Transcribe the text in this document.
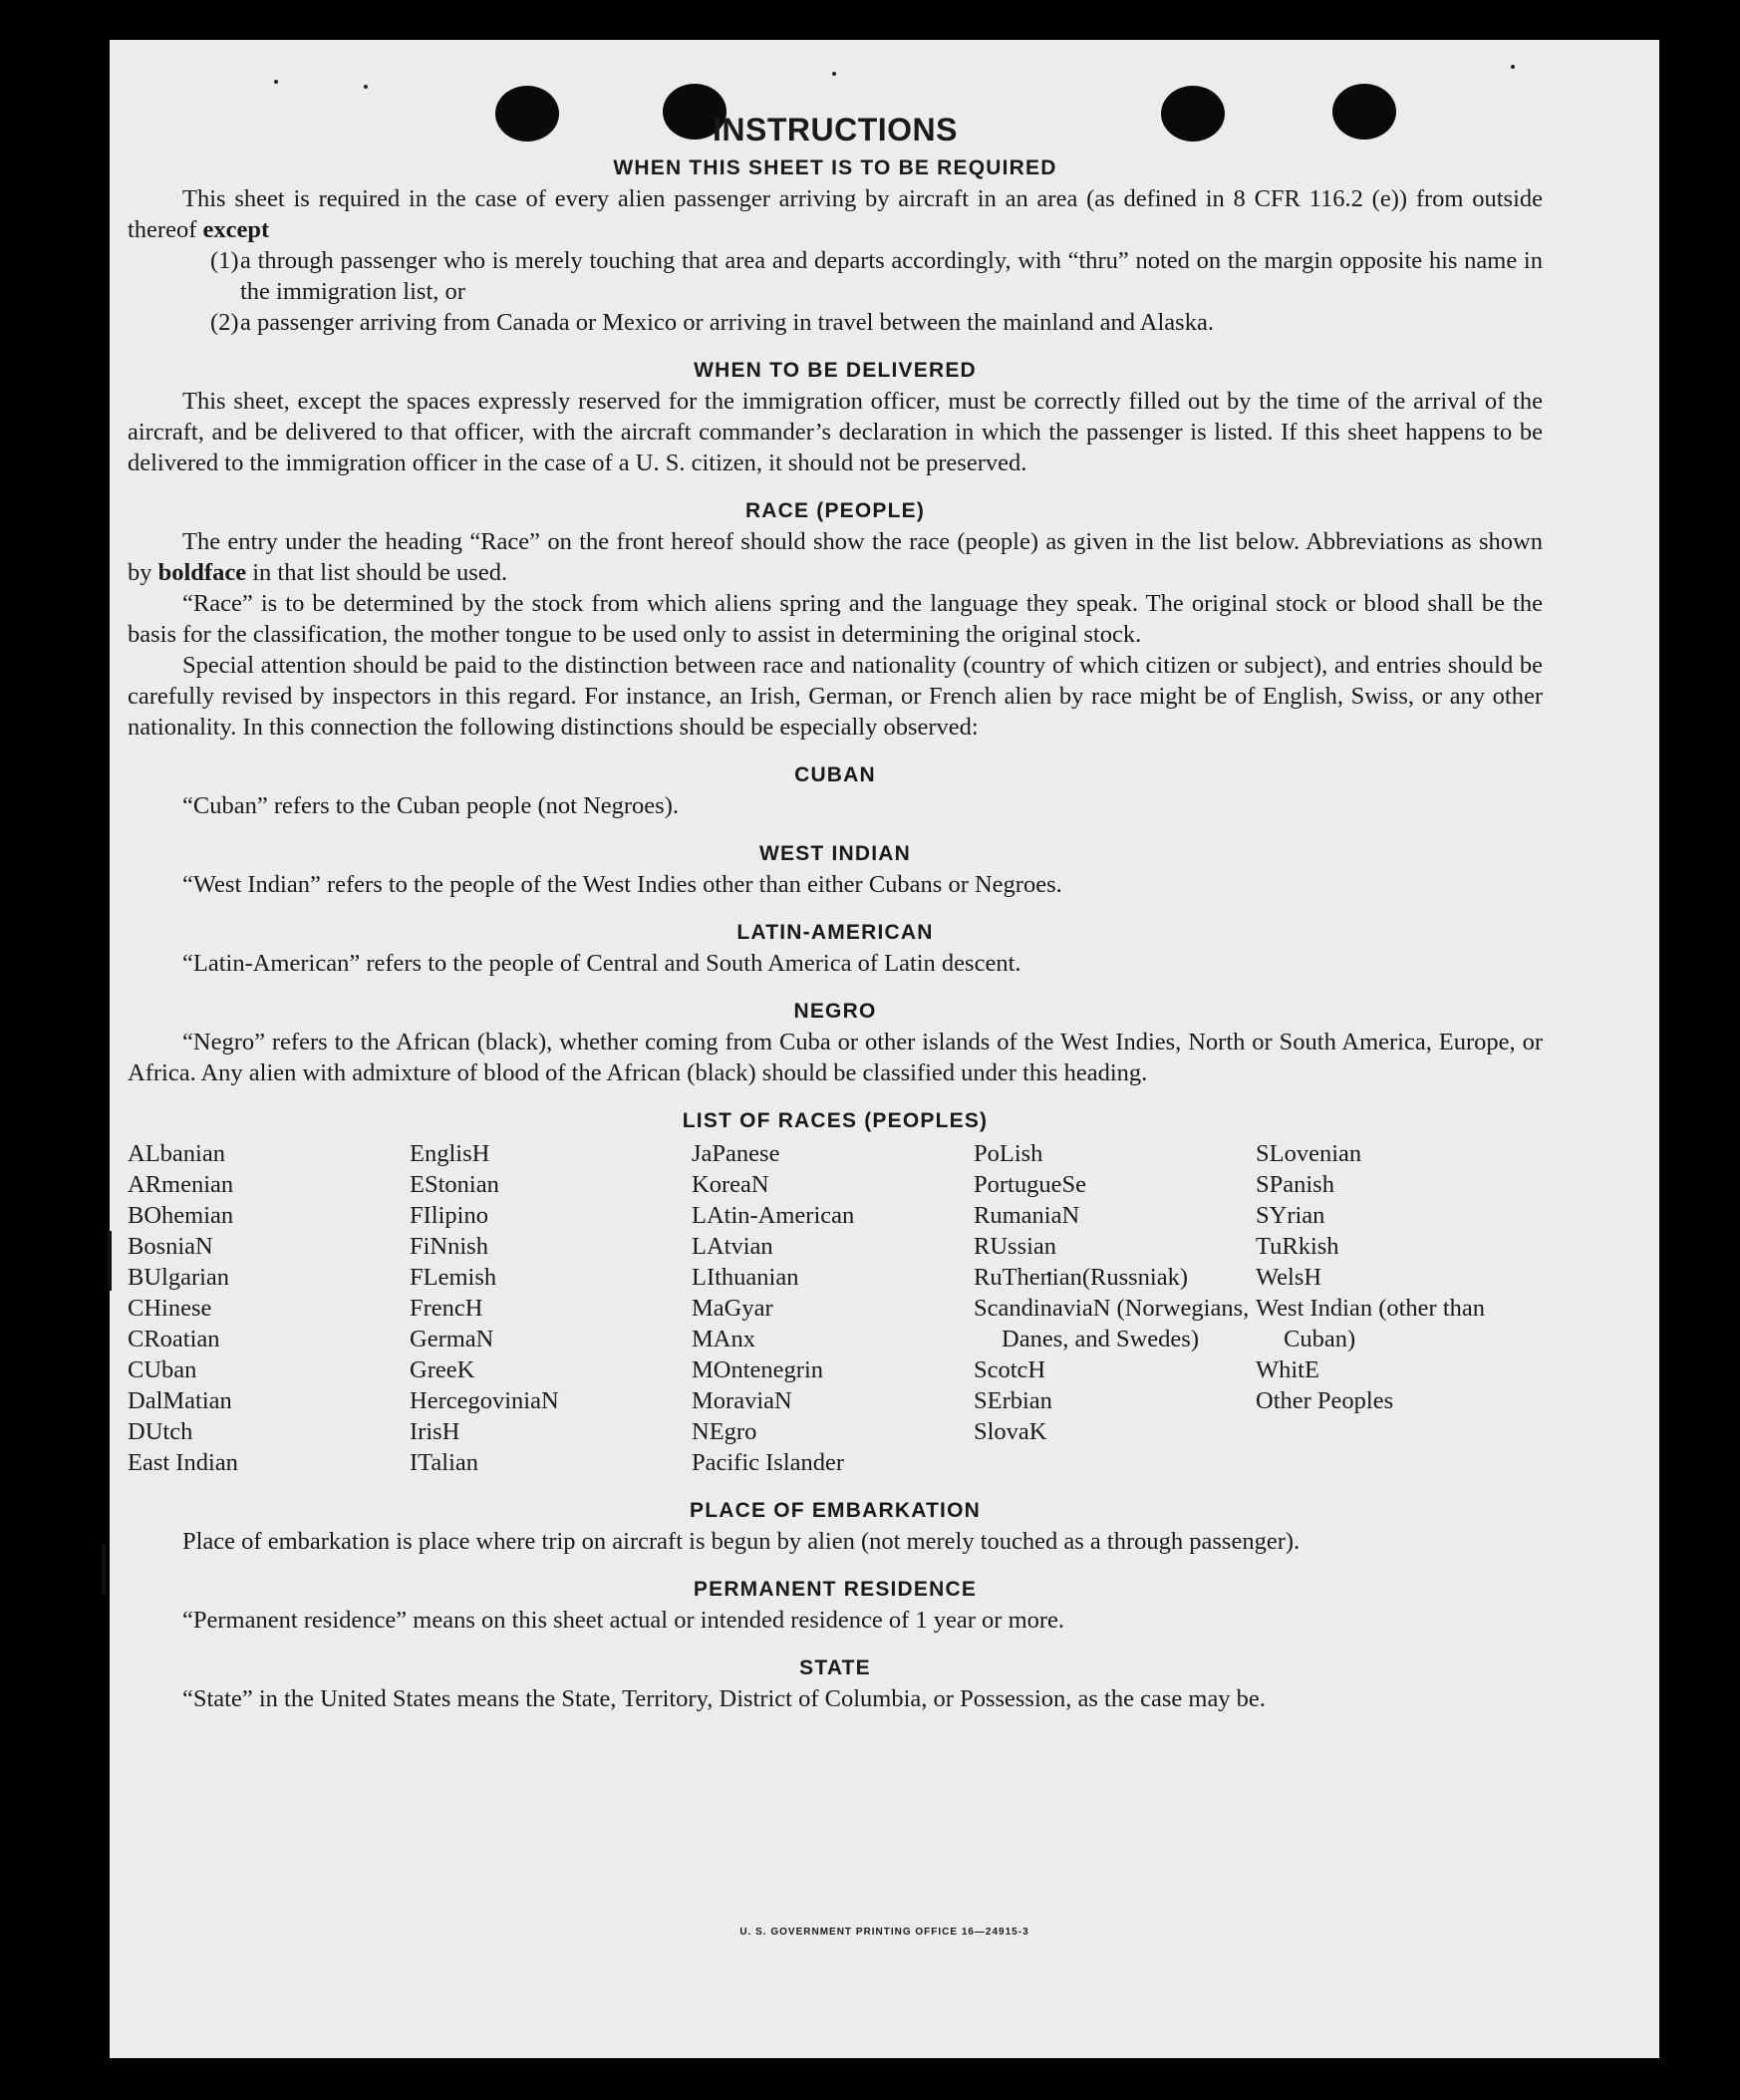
INSTRUCTIONS
WHEN THIS SHEET IS TO BE REQUIRED

This sheet is required in the case of every alien passenger arriving by aircraft in an area (as defined in 8 CFR 116.2 (e)) from outside thereof except

(1)a through passenger who is merely touching that area and departs accordingly, with “thru” noted on the margin opposite his name in the immigration list, or
(2)a passenger arriving from Canada or Mexico or arriving in travel between the mainland and Alaska.
WHEN TO BE DELIVERED

This sheet, except the spaces expressly reserved for the immigration officer, must be correctly filled out by the time of the arrival of the aircraft, and be delivered to that officer, with the aircraft commander’s declaration in which the passenger is listed. If this sheet happens to be delivered to the immigration officer in the case of a U. S. citizen, it should not be preserved.

RACE (PEOPLE)

The entry under the heading “Race” on the front hereof should show the race (people) as given in the list below. Abbreviations as shown by boldface in that list should be used.

“Race” is to be determined by the stock from which aliens spring and the language they speak. The original stock or blood shall be the basis for the classification, the mother tongue to be used only to assist in determining the original stock.

Special attention should be paid to the distinction between race and nationality (country of which citizen or subject), and entries should be carefully revised by inspectors in this regard. For instance, an Irish, German, or French alien by race might be of English, Swiss, or any other nationality. In this connection the following distinctions should be especially observed:

CUBAN

“Cuban” refers to the Cuban people (not Negroes).

WEST INDIAN

“West Indian” refers to the people of the West Indies other than either Cubans or Negroes.

LATIN-AMERICAN

“Latin-American” refers to the people of Central and South America of Latin descent.

NEGRO

“Negro” refers to the African (black), whether coming from Cuba or other islands of the West Indies, North or South America, Europe, or Africa. Any alien with admixture of blood of the African (black) should be classified under this heading.

LIST OF RACES (PEOPLES)
ALbanian
ARmenian
BOhemian
BosniaN
BUlgarian
CHinese
CRoatian
CUban
DalMatian
DUtch
East Indian
EnglisH
EStonian
FIlipino
FiNnish
FLemish
FrencH
GermaN
GreeK
HercegoviniaN
IrisH
ITalian
JaPanese
KoreaN
LAtin-American
LAtvian
LIthuanian
MaGyar
MAnx
MOntenegrin
MoraviaN
NEgro
Pacific Islander
PoLish
PortugueSe
RumaniaN
RUssian
RuThenian(Russniak)
ScandinaviaN (Norwegians, Danes, and Swedes)
ScotcH
SErbian
SlovaK
SLovenian
SPanish
SYrian
TuRkish
WelsH
West Indian (other than Cuban)
WhitE
Other Peoples
PLACE OF EMBARKATION

Place of embarkation is place where trip on aircraft is begun by alien (not merely touched as a through passenger).

PERMANENT RESIDENCE

“Permanent residence” means on this sheet actual or intended residence of 1 year or more.

STATE

“State” in the United States means the State, Territory, District of Columbia, or Possession, as the case may be.

U. S. GOVERNMENT PRINTING OFFICE 16—24915-3
